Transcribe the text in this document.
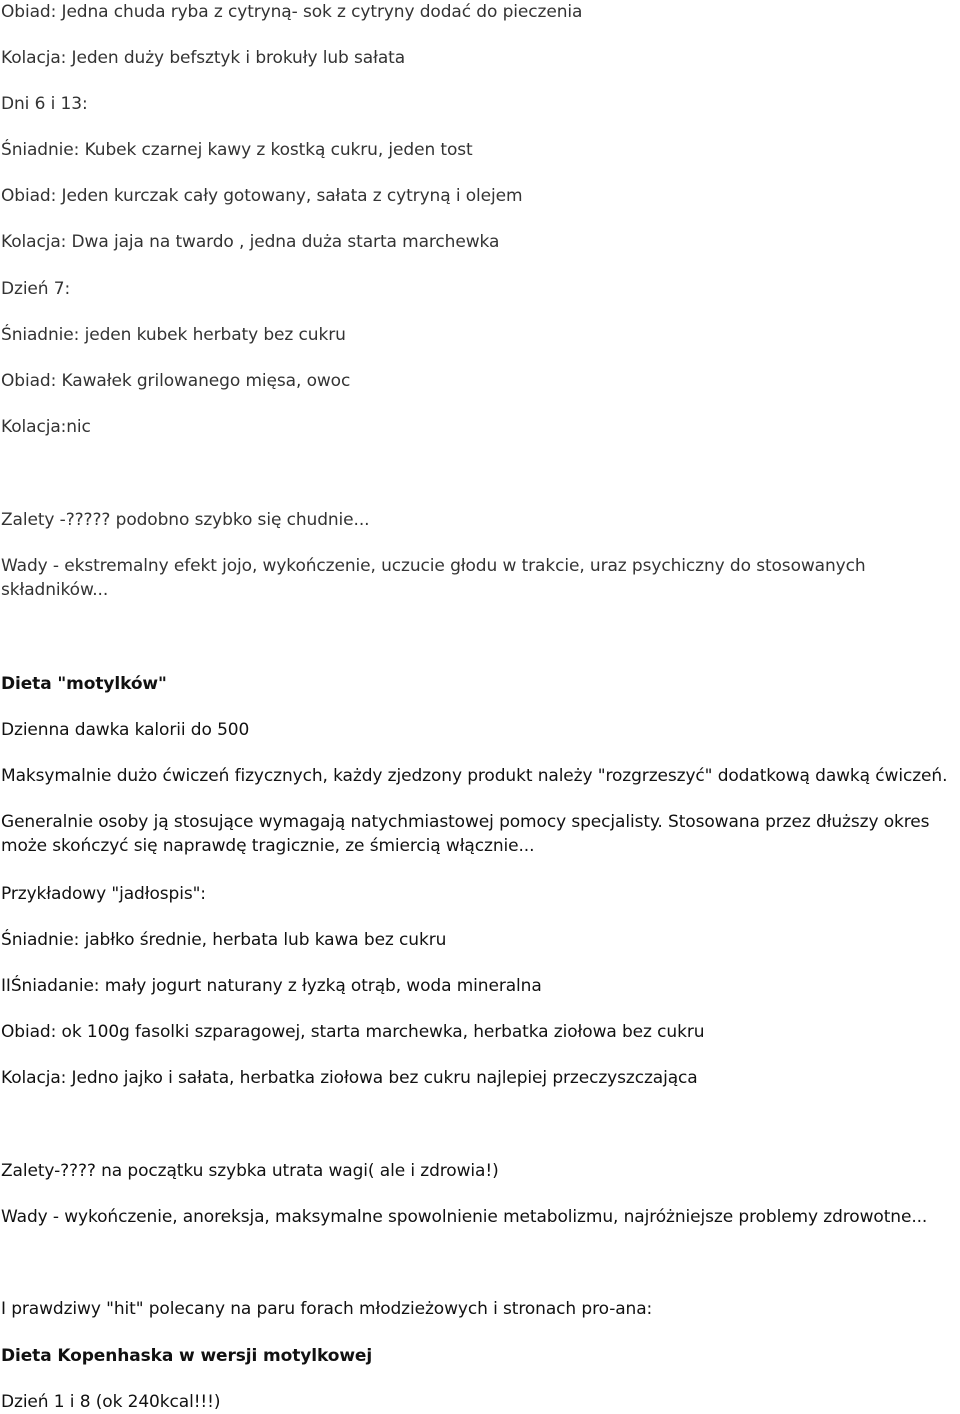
Obiad: Jedna chuda ryba z cytryną- sok z cytryny dodać do pieczenia
Kolacja: Jeden duży befsztyk i brokuły lub sałata
Dni 6 i 13:
Śniadnie: Kubek czarnej kawy z kostką cukru, jeden tost
Obiad: Jeden kurczak cały gotowany, sałata z cytryną i olejem
Kolacja: Dwa jaja na twardo , jedna duża starta marchewka
Dzień 7:
Śniadnie: jeden kubek herbaty bez cukru
Obiad: Kawałek grilowanego mięsa, owoc
Kolacja:nic
Zalety -????? podobno szybko się chudnie...
Wady - ekstremalny efekt jojo, wykończenie, uczucie głodu w trakcie, uraz psychiczny do stosowanych składników...
Dieta "motylków"
Dzienna dawka kalorii do 500
Maksymalnie dużo ćwiczeń fizycznych, każdy zjedzony produkt należy "rozgrzeszyć" dodatkową dawką ćwiczeń.
Generalnie osoby ją stosujące wymagają natychmiastowej pomocy specjalisty. Stosowana przez dłuższy okres może skończyć się naprawdę tragicznie, ze śmiercią włącznie...
Przykładowy "jadłospis":
Śniadnie: jabłko średnie, herbata lub kawa bez cukru
IIŚniadanie: mały jogurt naturany z łyzką otrąb, woda mineralna
Obiad: ok 100g fasolki szparagowej, starta marchewka, herbatka ziołowa bez cukru
Kolacja: Jedno jajko i sałata, herbatka ziołowa bez cukru najlepiej przeczyszczająca
Zalety-???? na początku szybka utrata wagi( ale i zdrowia!)
Wady - wykończenie, anoreksja, maksymalne spowolnienie metabolizmu, najróżniejsze problemy zdrowotne...
I prawdziwy "hit" polecany na paru forach młodzieżowych i stronach pro-ana:
Dieta Kopenhaska w wersji motylkowej
Dzień 1 i 8 (ok 240kcal!!!)
